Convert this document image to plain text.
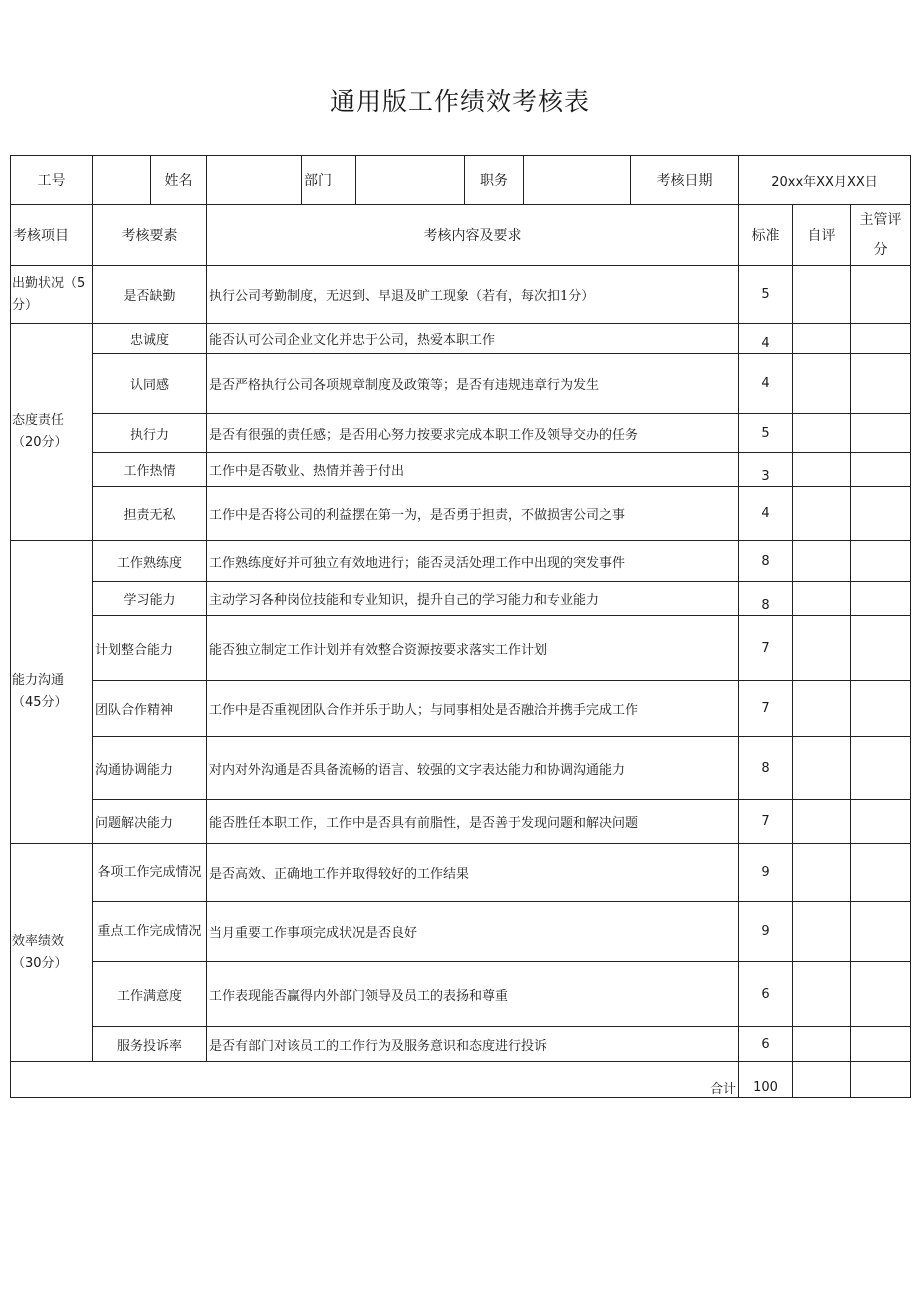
通用版工作绩效考核表
工号		姓名		部门		职务		考核日期	20xx年XX月XX日		
考核项目	考核要素		考核内容及要求						标准	自评	主管评分
出勤状况（5分）	是否缺勤		执行公司考勤制度，无迟到、早退及旷工现象（若有，每次扣1分）						5		
态度责任（20分）	忠诚度		能否认可公司企业文化并忠于公司，热爱本职工作						4		
	认同感		是否严格执行公司各项规章制度及政策等；是否有违规违章行为发生						4		
	执行力		是否有很强的责任感；是否用心努力按要求完成本职工作及领导交办的任务						5		
	工作热情		工作中是否敬业、热情并善于付出						3		
	担责无私		工作中是否将公司的利益摆在第一为，是否勇于担责，不做损害公司之事						4		
能力沟通（45分）	工作熟练度		工作熟练度好并可独立有效地进行；能否灵活处理工作中出现的突发事件						8		
	学习能力		主动学习各种岗位技能和专业知识，提升自己的学习能力和专业能力						8		
	计划整合能力		能否独立制定工作计划并有效整合资源按要求落实工作计划						7		
	团队合作精神		工作中是否重视团队合作并乐于助人；与同事相处是否融洽并携手完成工作						7		
	沟通协调能力		对内对外沟通是否具备流畅的语言、较强的文字表达能力和协调沟通能力						8		
	问题解决能力		能否胜任本职工作，工作中是否具有前脂性，是否善于发现问题和解决问题						7		
效率绩效（30分）	各项工作完成情况		是否高效、正确地工作并取得较好的工作结果						9		
	重点工作完成情况		当月重要工作事项完成状况是否良好						9		
	工作满意度		工作表现能否赢得内外部门领导及员工的表扬和尊重						6		
	服务投诉率		是否有部门对该员工的工作行为及服务意识和态度进行投诉						6		
合计									100		
